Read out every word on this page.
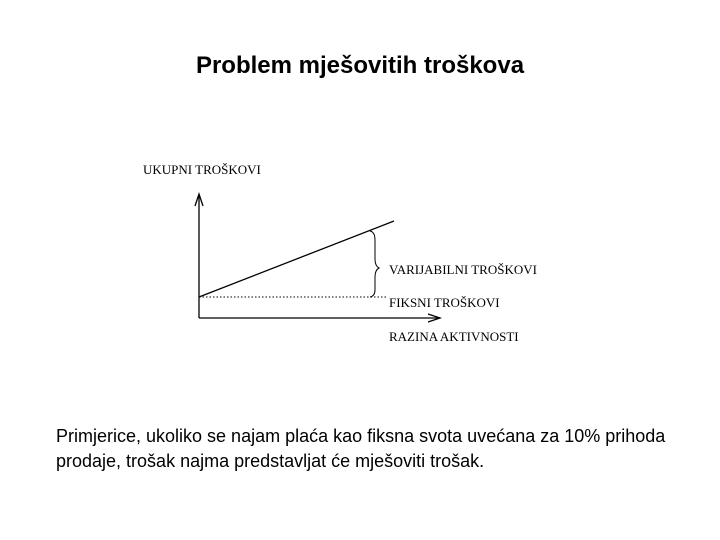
Problem mješovitih troškova
UKUPNI TROŠKOVI
VARIJABILNI TROŠKOVI
FIKSNI TROŠKOVI
RAZINA AKTIVNOSTI
Primjerice, ukoliko se najam plaća kao fiksna svota uvećana za 10% prihoda prodaje, trošak najma predstavljat će mješoviti trošak.
